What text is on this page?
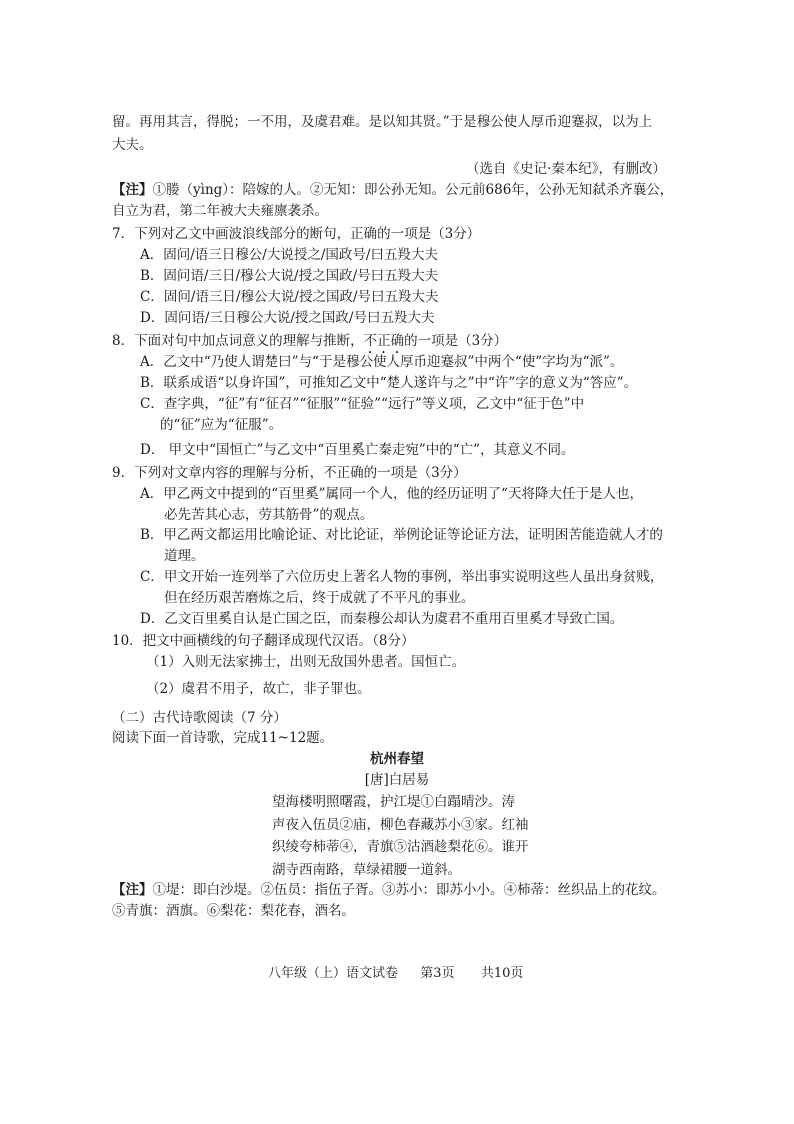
留。再用其言，得脱；一不用，及虞君难。是以知其贤。”于是穆公使人厚币迎蹇叔，以为上
大夫。
（选自《史记·秦本纪》，有删改）
【注】①媵（yìng）：陪嫁的人。②无知：即公孙无知。公元前686年，公孙无知弑杀齐襄公，
自立为君，第二年被大夫雍廪袭杀。
7．下列对乙文中画波浪线部分的断句，正确的一项是（3分）
A．固问/语三日穆公/大说授之/国政号/曰五羖大夫
B．固问语/三日/穆公大说/授之国政/号曰五羖大夫
C．固问/语三日/穆公大说/授之国政/号曰五羖大夫
D．固问语/三日穆公大说/授之国政/号曰五羖大夫
8．下面对句中加点词意义的理解与推断，不正确的一项是（3分）
A．乙文中“乃使人谓楚曰”与“于是穆公使人厚币迎蹇叔”中两个“使”字均为“派”。
B．联系成语“以身许国”，可推知乙文中“楚人遂许与之”中“许”字的意义为“答应”。
C．查字典，“征”有“征召”“征服”“征验”“远行”等义项，乙文中“征于色”中
的“征”应为“征服”。
D． 甲文中“国恒亡”与乙文中“百里奚亡秦走宛”中的“亡”，其意义不同。
9．下列对文章内容的理解与分析，不正确的一项是（3分）
A．甲乙两文中提到的“百里奚”属同一个人，他的经历证明了“天将降大任于是人也，
必先苦其心志，劳其筋骨”的观点。
B．甲乙两文都运用比喻论证、对比论证，举例论证等论证方法，证明困苦能造就人才的
道理。
C．甲文开始一连列举了六位历史上著名人物的事例，举出事实说明这些人虽出身贫贱，
但在经历艰苦磨炼之后，终于成就了不平凡的事业。
D．乙文百里奚自认是亡国之臣，而秦穆公却认为虞君不重用百里奚才导致亡国。
10．把文中画横线的句子翻译成现代汉语。（8分）
（1）入则无法家拂士，出则无敌国外患者。国恒亡。
（2）虞君不用子，故亡，非子罪也。
（二）古代诗歌阅读（7 分）
阅读下面一首诗歌，完成11~12题。
杭州春望
[唐]白居易
望海楼明照曙霞，护江堤①白蹋晴沙。涛
声夜入伍员②庙，柳色春藏苏小③家。红袖
织绫夸柿蒂④，青旗⑤沽酒趁梨花⑥。谁开
湖寺西南路，草绿裙腰一道斜。
【注】①堤：即白沙堤。②伍员：指伍子胥。③苏小：即苏小小。④柿蒂：丝织品上的花纹。
⑤青旗：酒旗。⑥梨花：梨花春，酒名。
八年级（上）语文试卷 第3页 共10页
